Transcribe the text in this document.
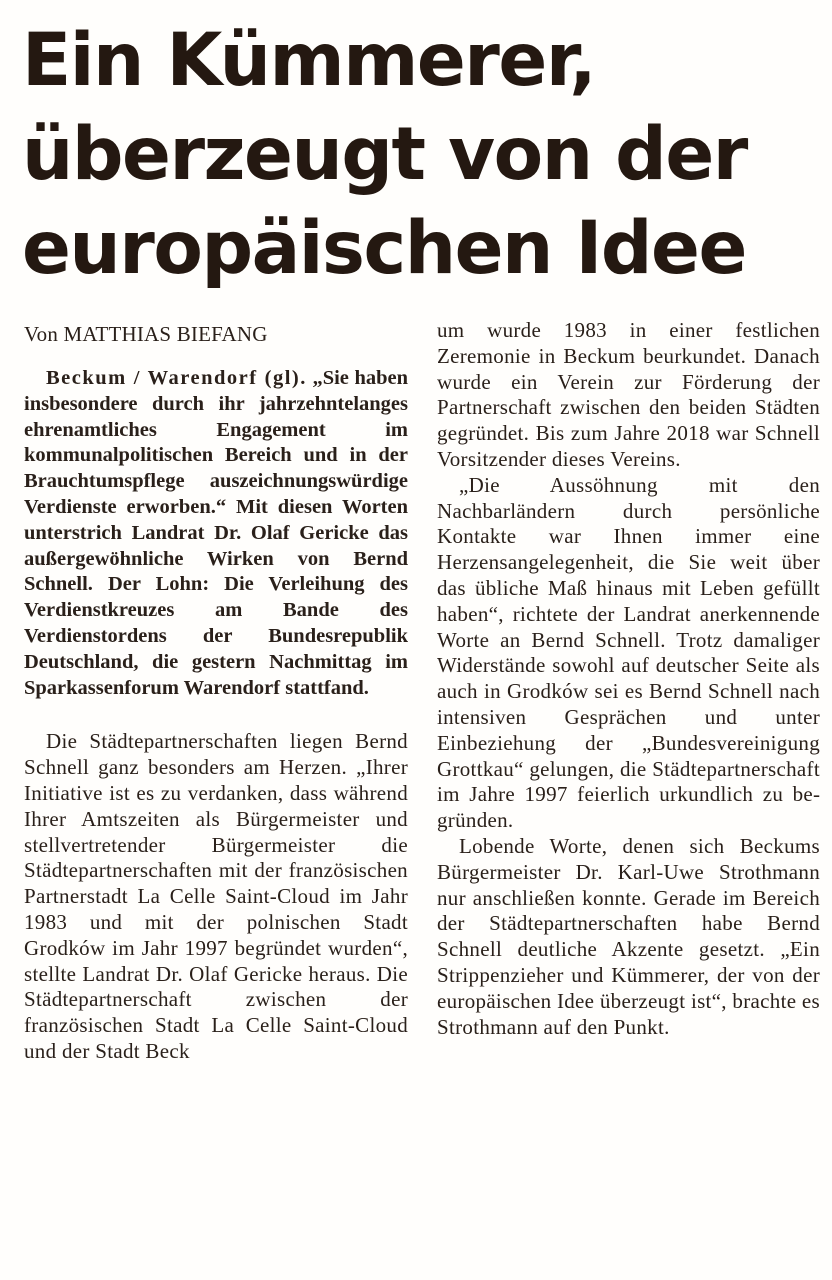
Ein Kümmerer,
überzeugt von der
europäischen Idee

Von MATTHIAS BIEFANG

Beckum / Warendorf (gl). „Sie haben insbesondere durch ihr jahrzehntelanges ehrenamtliches Engagement im kommunalpolitischen Bereich und in der Brauchtumspflege auszeichnungswürdige Verdienste erworben.“ Mit diesen Worten unterstrich Landrat Dr. Olaf Gericke das außergewöhnliche Wirken von Bernd Schnell. Der Lohn: Die Verleihung des Verdienstkreuzes am Bande des Verdienstordens der Bundesrepublik Deutschland, die gestern Nachmittag im Sparkassenforum Warendorf stattfand.

Die Städtepartnerschaften liegen Bernd Schnell ganz besonders am Herzen. „Ihrer Initiative ist es zu verdanken, dass während Ihrer Amtszeiten als Bürgermeister und stellvertretender Bürgermeister die Städtepartnerschaften mit der französischen Partnerstadt La Celle Saint-Cloud im Jahr 1983 und mit der polnischen Stadt Grodków im Jahr 1997 begründet wurden“, stellte Landrat Dr. Olaf Gericke heraus. Die Städtepartnerschaft zwischen der französischen Stadt La Celle Saint-Cloud und der Stadt Beck

um wurde 1983 in einer festlichen Zeremonie in Beckum beurkundet. Danach wurde ein Verein zur Förderung der Partnerschaft zwischen den beiden Städten gegründet. Bis zum Jahre 2018 war Schnell Vorsitzender dieses Vereins.

„Die Aussöhnung mit den Nachbarländern durch persönliche Kontakte war Ihnen immer eine Herzensangelegenheit, die Sie weit über das übliche Maß hinaus mit Leben gefüllt haben“, richtete der Landrat anerkennende Worte an Bernd Schnell. Trotz damaliger Widerstände sowohl auf deutscher Seite als auch in Grodków sei es Bernd Schnell nach intensiven Gesprächen und unter Einbeziehung der „Bundesvereinigung Grottkau“ gelungen, die Städtepartnerschaft im Jahre 1997 feierlich urkundlich zu begründen.

Lobende Worte, denen sich Beckums Bürgermeister Dr. Karl-Uwe Strothmann nur anschließen konnte. Gerade im Bereich der Städtepartnerschaften habe Bernd Schnell deutliche Akzente gesetzt. „Ein Strippenzieher und Kümmerer, der von der europäischen Idee überzeugt ist“, brachte es Strothmann auf den Punkt.
